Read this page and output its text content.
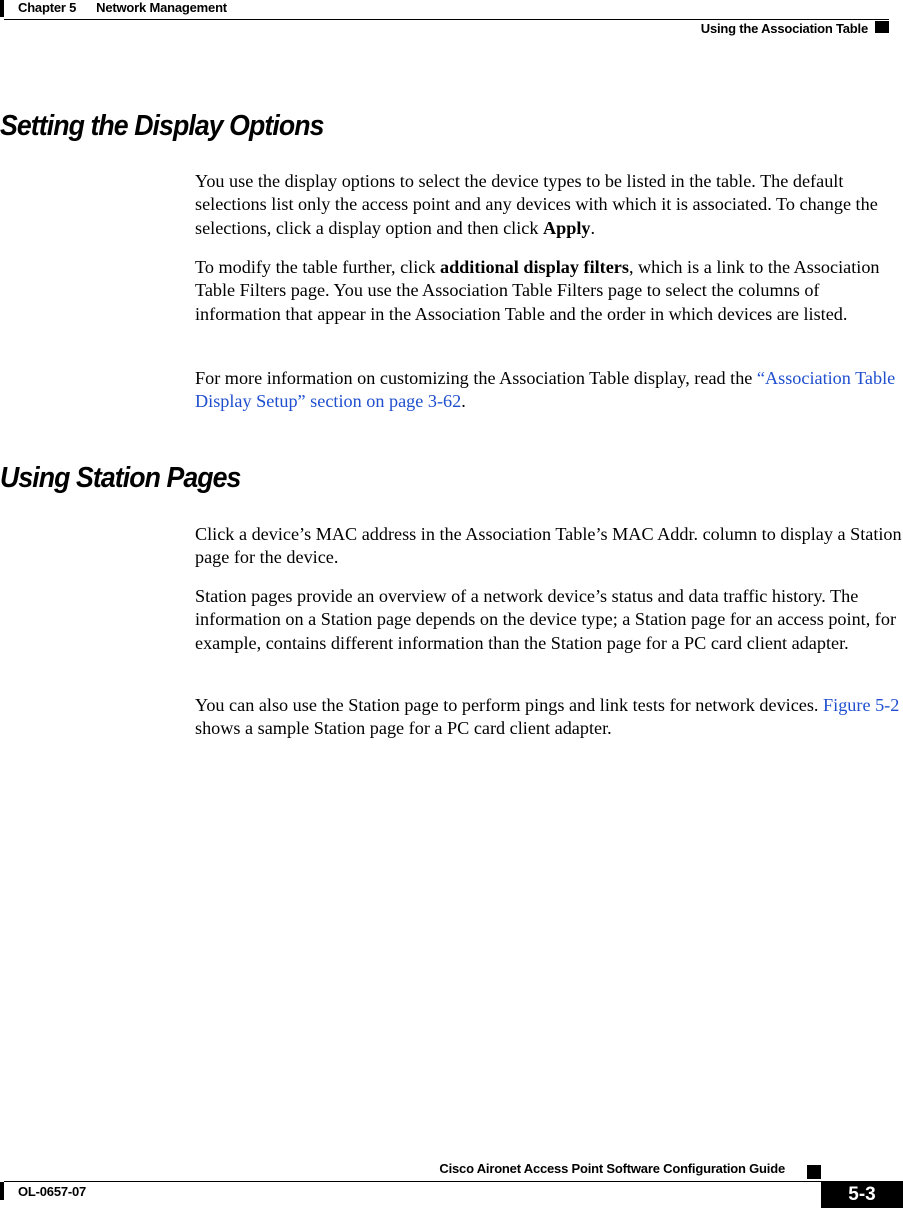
Chapter 5 Network Management
Using the Association Table
Setting the Display Options

You use the display options to select the device types to be listed in the table. The default selections list only the access point and any devices with which it is associated. To change the selections, click a display option and then click Apply.

To modify the table further, click additional display filters, which is a link to the Association Table Filters page. You use the Association Table Filters page to select the columns of information that appear in the Association Table and the order in which devices are listed.

For more information on customizing the Association Table display, read the “Association Table Display Setup” section on page 3-62.

Using Station Pages

Click a device’s MAC address in the Association Table’s MAC Addr. column to display a Station page for the device.

Station pages provide an overview of a network device’s status and data traffic history. The information on a Station page depends on the device type; a Station page for an access point, for example, contains different information than the Station page for a PC card client adapter.

You can also use the Station page to perform pings and link tests for network devices. Figure 5-2 shows a sample Station page for a PC card client adapter.

Cisco Aironet Access Point Software Configuration Guide
OL-0657-07	5-3
